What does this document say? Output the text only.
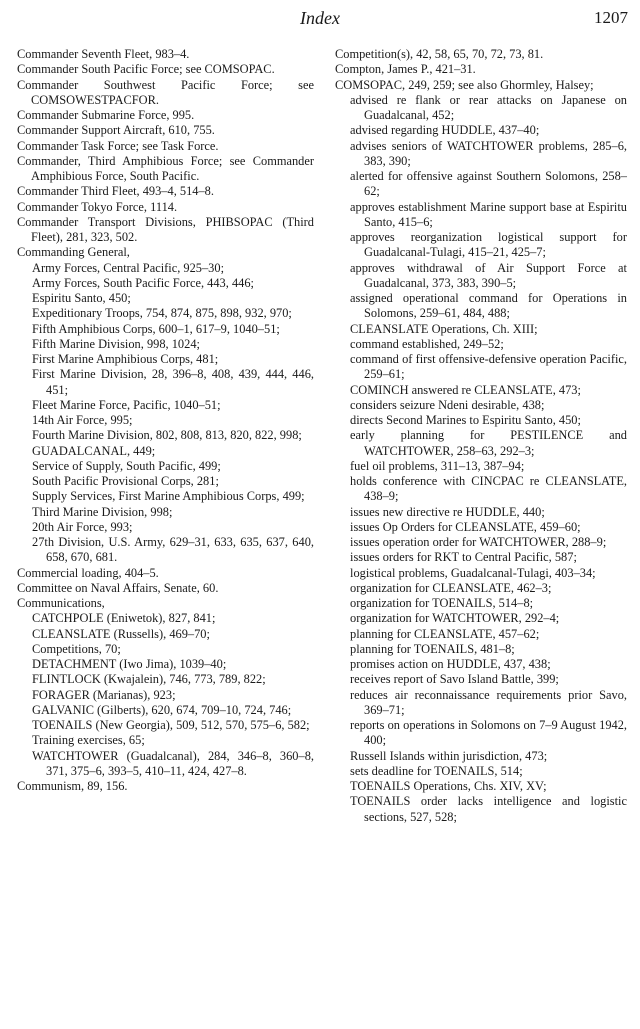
Index	1207
Commander Seventh Fleet, 983–4.
Commander South Pacific Force; see COMSOPAC.
Commander Southwest Pacific Force; see COMSOWESTPACFOR.
Commander Submarine Force, 995.
Commander Support Aircraft, 610, 755.
Commander Task Force; see Task Force.
Commander, Third Amphibious Force; see Commander Amphibious Force, South Pacific.
Commander Third Fleet, 493–4, 514–8.
Commander Tokyo Force, 1114.
Commander Transport Divisions, PHIBSOPAC (Third Fleet), 281, 323, 502.
Commanding General,
Army Forces, Central Pacific, 925–30;
Army Forces, South Pacific Force, 443, 446;
Espiritu Santo, 450;
Expeditionary Troops, 754, 874, 875, 898, 932, 970;
Fifth Amphibious Corps, 600–1, 617–9, 1040–51;
Fifth Marine Division, 998, 1024;
First Marine Amphibious Corps, 481;
First Marine Division, 28, 396–8, 408, 439, 444, 446, 451;
Fleet Marine Force, Pacific, 1040–51;
14th Air Force, 995;
Fourth Marine Division, 802, 808, 813, 820, 822, 998;
GUADALCANAL, 449;
Service of Supply, South Pacific, 499;
South Pacific Provisional Corps, 281;
Supply Services, First Marine Amphibious Corps, 499;
Third Marine Division, 998;
20th Air Force, 993;
27th Division, U.S. Army, 629–31, 633, 635, 637, 640, 658, 670, 681.
Commercial loading, 404–5.
Committee on Naval Affairs, Senate, 60.
Communications,
CATCHPOLE (Eniwetok), 827, 841;
CLEANSLATE (Russells), 469–70;
Competitions, 70;
DETACHMENT (Iwo Jima), 1039–40;
FLINTLOCK (Kwajalein), 746, 773, 789, 822;
FORAGER (Marianas), 923;
GALVANIC (Gilberts), 620, 674, 709–10, 724, 746;
TOENAILS (New Georgia), 509, 512, 570, 575–6, 582;
Training exercises, 65;
WATCHTOWER (Guadalcanal), 284, 346–8, 360–8, 371, 375–6, 393–5, 410–11, 424, 427–8.
Communism, 89, 156.
Competition(s), 42, 58, 65, 70, 72, 73, 81.
Compton, James P., 421–31.
COMSOPAC, 249, 259; see also Ghormley, Halsey;
advised re flank or rear attacks on Japanese on Guadalcanal, 452;
advised regarding HUDDLE, 437–40;
advises seniors of WATCHTOWER problems, 285–6, 383, 390;
alerted for offensive against Southern Solomons, 258–62;
approves establishment Marine support base at Espiritu Santo, 415–6;
approves reorganization logistical support for Guadalcanal-Tulagi, 415–21, 425–7;
approves withdrawal of Air Support Force at Guadalcanal, 373, 383, 390–5;
assigned operational command for Operations in Solomons, 259–61, 484, 488;
CLEANSLATE Operations, Ch. XIII;
command established, 249–52;
command of first offensive-defensive operation Pacific, 259–61;
COMINCH answered re CLEANSLATE, 473;
considers seizure Ndeni desirable, 438;
directs Second Marines to Espiritu Santo, 450;
early planning for PESTILENCE and WATCHTOWER, 258–63, 292–3;
fuel oil problems, 311–13, 387–94;
holds conference with CINCPAC re CLEANSLATE, 438–9;
issues new directive re HUDDLE, 440;
issues Op Orders for CLEANSLATE, 459–60;
issues operation order for WATCHTOWER, 288–9;
issues orders for RKT to Central Pacific, 587;
logistical problems, Guadalcanal-Tulagi, 403–34;
organization for CLEANSLATE, 462–3;
organization for TOENAILS, 514–8;
organization for WATCHTOWER, 292–4;
planning for CLEANSLATE, 457–62;
planning for TOENAILS, 481–8;
promises action on HUDDLE, 437, 438;
receives report of Savo Island Battle, 399;
reduces air reconnaissance requirements prior Savo, 369–71;
reports on operations in Solomons on 7–9 August 1942, 400;
Russell Islands within jurisdiction, 473;
sets deadline for TOENAILS, 514;
TOENAILS Operations, Chs. XIV, XV;
TOENAILS order lacks intelligence and logistic sections, 527, 528;
